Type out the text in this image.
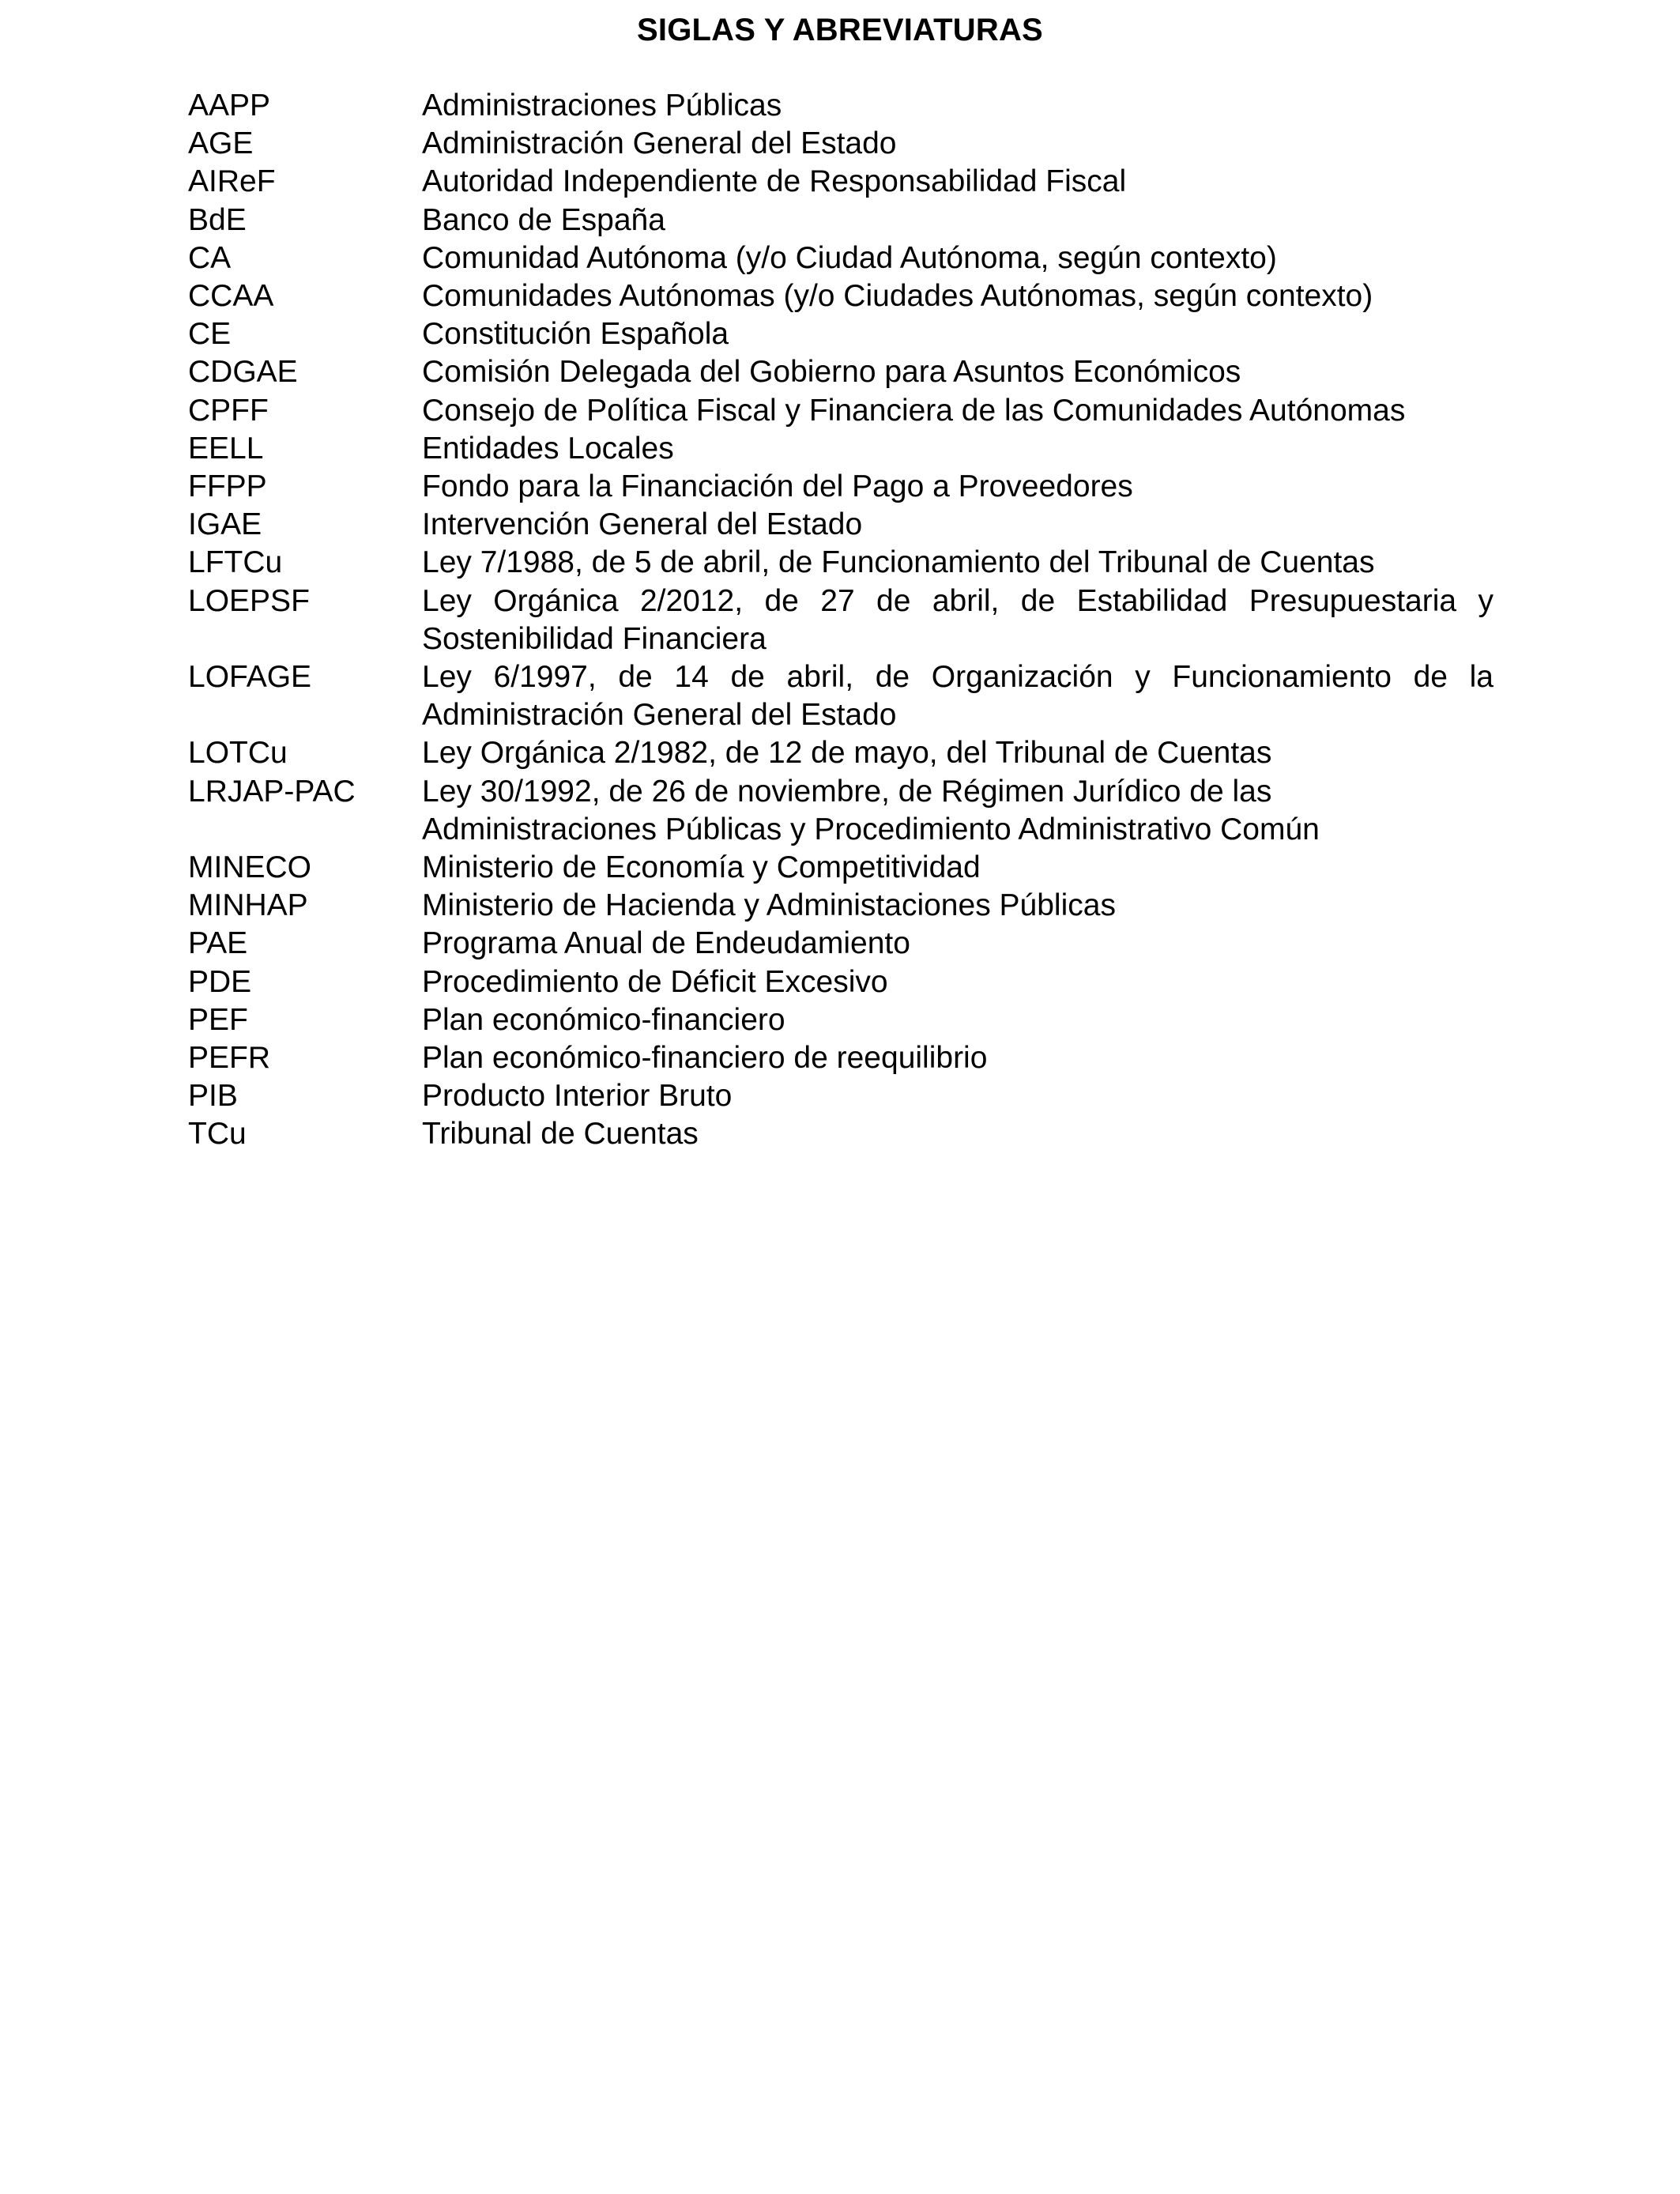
SIGLAS Y ABREVIATURAS
AAPP	Administraciones Públicas
AGE	Administración General del Estado
AIReF	Autoridad Independiente de Responsabilidad Fiscal
BdE	Banco de España
CA	Comunidad Autónoma (y/o Ciudad Autónoma, según contexto)
CCAA	Comunidades Autónomas (y/o Ciudades Autónomas, según contexto)
CE	Constitución Española
CDGAE	Comisión Delegada del Gobierno para Asuntos Económicos
CPFF	Consejo de Política Fiscal y Financiera de las Comunidades Autónomas
EELL	Entidades Locales
FFPP	Fondo para la Financiación del Pago a Proveedores
IGAE	Intervención General del Estado
LFTCu	Ley 7/1988, de 5 de abril, de Funcionamiento del Tribunal de Cuentas
LOEPSF	Ley Orgánica 2/2012, de 27 de abril, de Estabilidad Presupuestaria y Sostenibilidad Financiera
LOFAGE	Ley 6/1997, de 14 de abril, de Organización y Funcionamiento de la Administración General del Estado
LOTCu	Ley Orgánica 2/1982, de 12 de mayo, del Tribunal de Cuentas
LRJAP-PAC	Ley 30/1992, de 26 de noviembre, de Régimen Jurídico de las Administraciones Públicas y Procedimiento Administrativo Común
MINECO	Ministerio de Economía y Competitividad
MINHAP	Ministerio de Hacienda y Administaciones Públicas
PAE	Programa Anual de Endeudamiento
PDE	Procedimiento de Déficit Excesivo
PEF	Plan económico-financiero
PEFR	Plan económico-financiero de reequilibrio
PIB	Producto Interior Bruto
TCu	Tribunal de Cuentas
